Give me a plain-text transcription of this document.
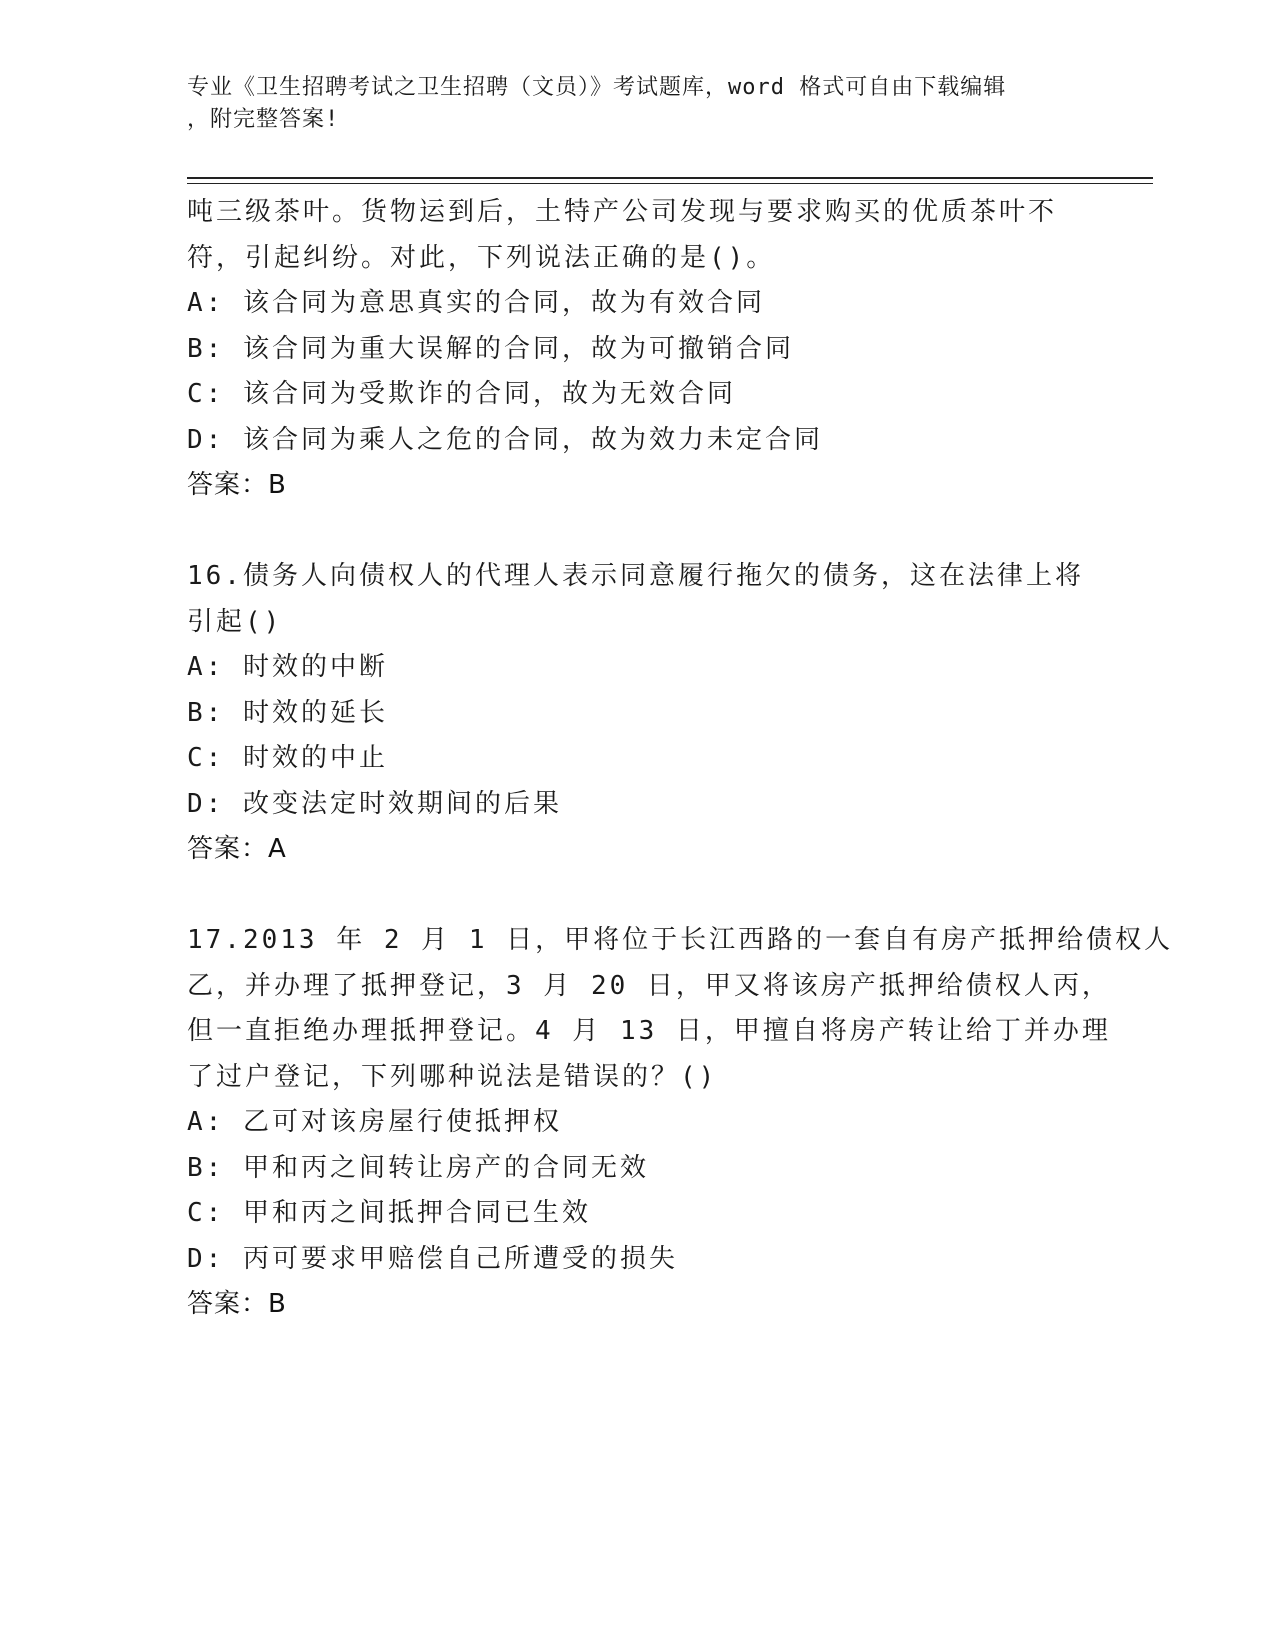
专业《卫生招聘考试之卫生招聘（文员）》考试题库，word 格式可自由下载编辑
，附完整答案!
吨三级茶叶。货物运到后，土特产公司发现与要求购买的优质茶叶不
符，引起纠纷。对此，下列说法正确的是()。
A: 该合同为意思真实的合同，故为有效合同
B: 该合同为重大误解的合同，故为可撤销合同
C: 该合同为受欺诈的合同，故为无效合同
D: 该合同为乘人之危的合同，故为效力未定合同
答案：B
16.债务人向债权人的代理人表示同意履行拖欠的债务，这在法律上将
引起()
A: 时效的中断
B: 时效的延长
C: 时效的中止
D: 改变法定时效期间的后果
答案：A
17.2013 年 2 月 1 日，甲将位于长江西路的一套自有房产抵押给债权人
乙，并办理了抵押登记，3 月 20 日，甲又将该房产抵押给债权人丙，
但一直拒绝办理抵押登记。4 月 13 日，甲擅自将房产转让给丁并办理
了过户登记，下列哪种说法是错误的？()
A: 乙可对该房屋行使抵押权
B: 甲和丙之间转让房产的合同无效
C: 甲和丙之间抵押合同已生效
D: 丙可要求甲赔偿自己所遭受的损失
答案：B
